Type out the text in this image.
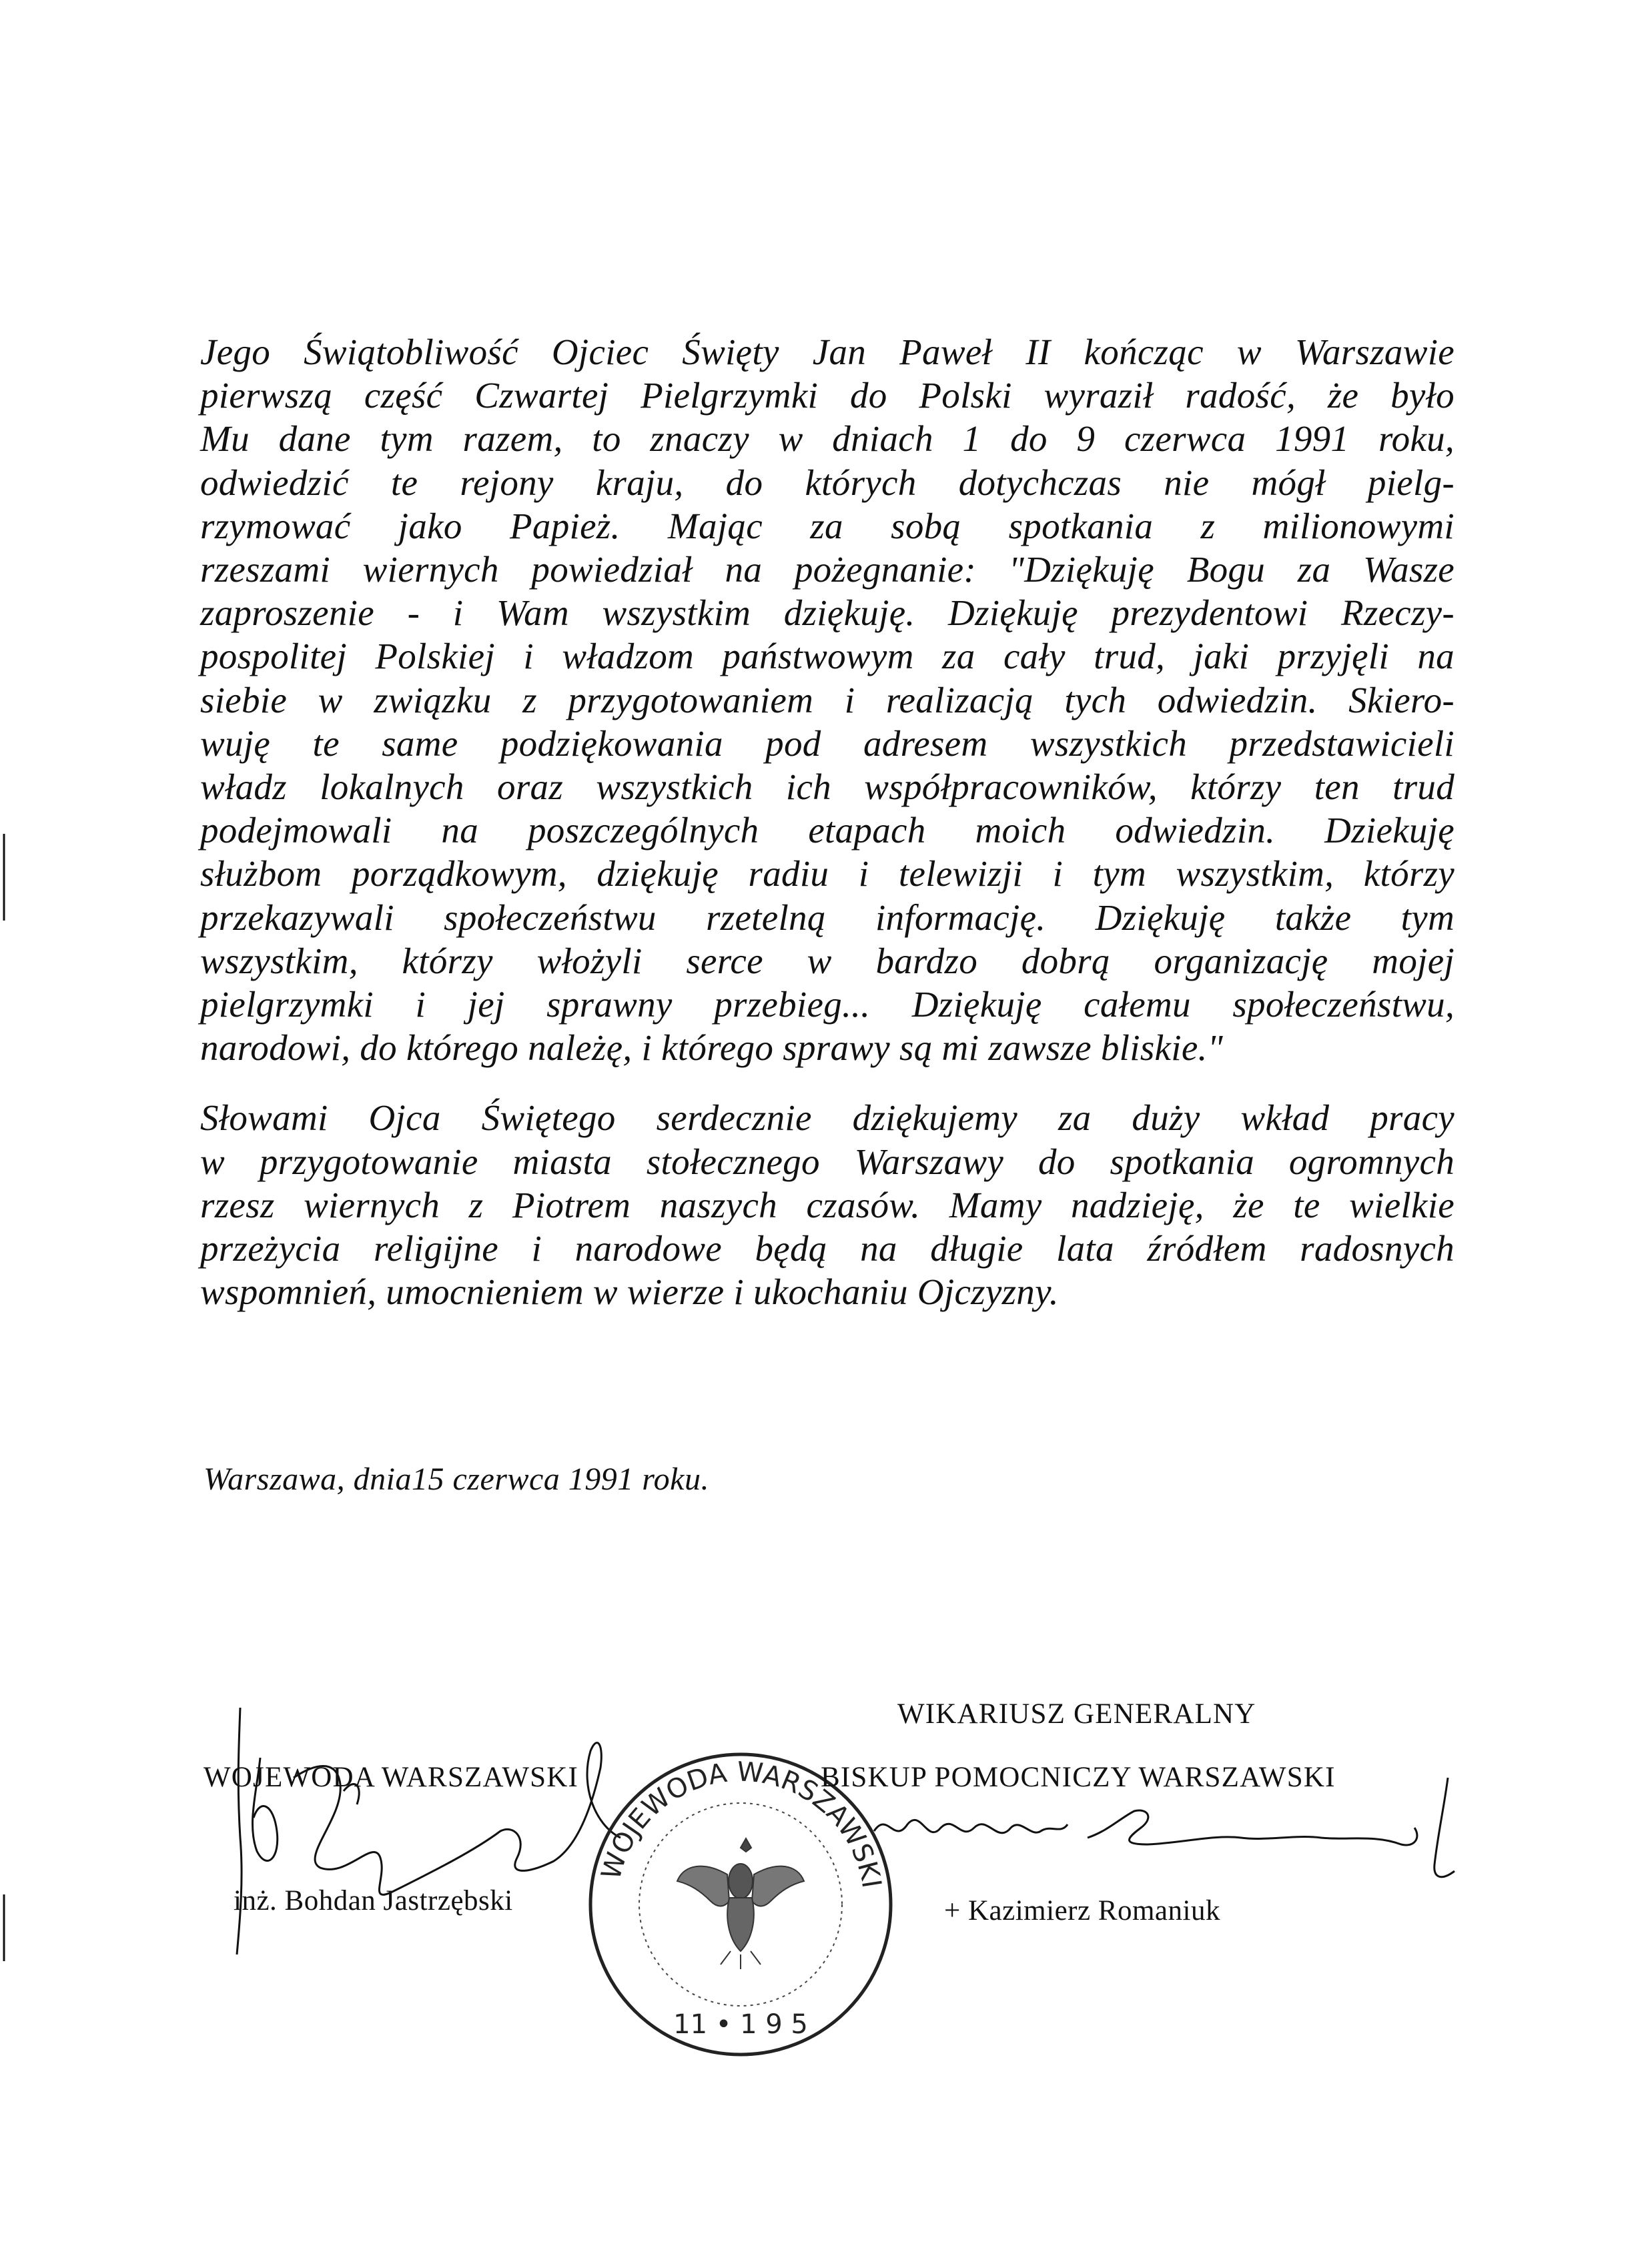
Jego Świątobliwość Ojciec Święty Jan Paweł II kończąc w Warszawie
pierwszą część Czwartej Pielgrzymki do Polski wyraził radość, że było
Mu dane tym razem, to znaczy w dniach 1 do 9 czerwca 1991 roku,
odwiedzić te rejony kraju, do których dotychczas nie mógł pielg-
rzymować jako Papież. Mając za sobą spotkania z milionowymi
rzeszami wiernych powiedział na pożegnanie: "Dziękuję Bogu za Wasze
zaproszenie - i Wam wszystkim dziękuję. Dziękuję prezydentowi Rzeczy-
pospolitej Polskiej i władzom państwowym za cały trud, jaki przyjęli na
siebie w związku z przygotowaniem i realizacją tych odwiedzin. Skiero-
wuję te same podziękowania pod adresem wszystkich przedstawicieli
władz lokalnych oraz wszystkich ich współpracowników, którzy ten trud
podejmowali na poszczególnych etapach moich odwiedzin. Dziekuję
służbom porządkowym, dziękuję radiu i telewizji i tym wszystkim, którzy
przekazywali społeczeństwu rzetelną informację. Dziękuję także tym
wszystkim, którzy włożyli serce w bardzo dobrą organizację mojej
pielgrzymki i jej sprawny przebieg... Dziękuję całemu społeczeństwu,
narodowi, do którego należę, i którego sprawy są mi zawsze bliskie."
Słowami Ojca Świętego serdecznie dziękujemy za duży wkład pracy
w przygotowanie miasta stołecznego Warszawy do spotkania ogromnych
rzesz wiernych z Piotrem naszych czasów. Mamy nadzieję, że te wielkie
przeżycia religijne i narodowe będą na długie lata źródłem radosnych
wspomnień, umocnieniem w wierze i ukochaniu Ojczyzny.
Warszawa, dnia15 czerwca 1991 roku.
WOJEWODA WARSZAWSKI
inż. Bohdan Jastrzębski
WOJEWODA WARSZAWSKI
11 • 1 9 5
WIKARIUSZ GENERALNY
BISKUP POMOCNICZY WARSZAWSKI
+ Kazimierz Romaniuk
